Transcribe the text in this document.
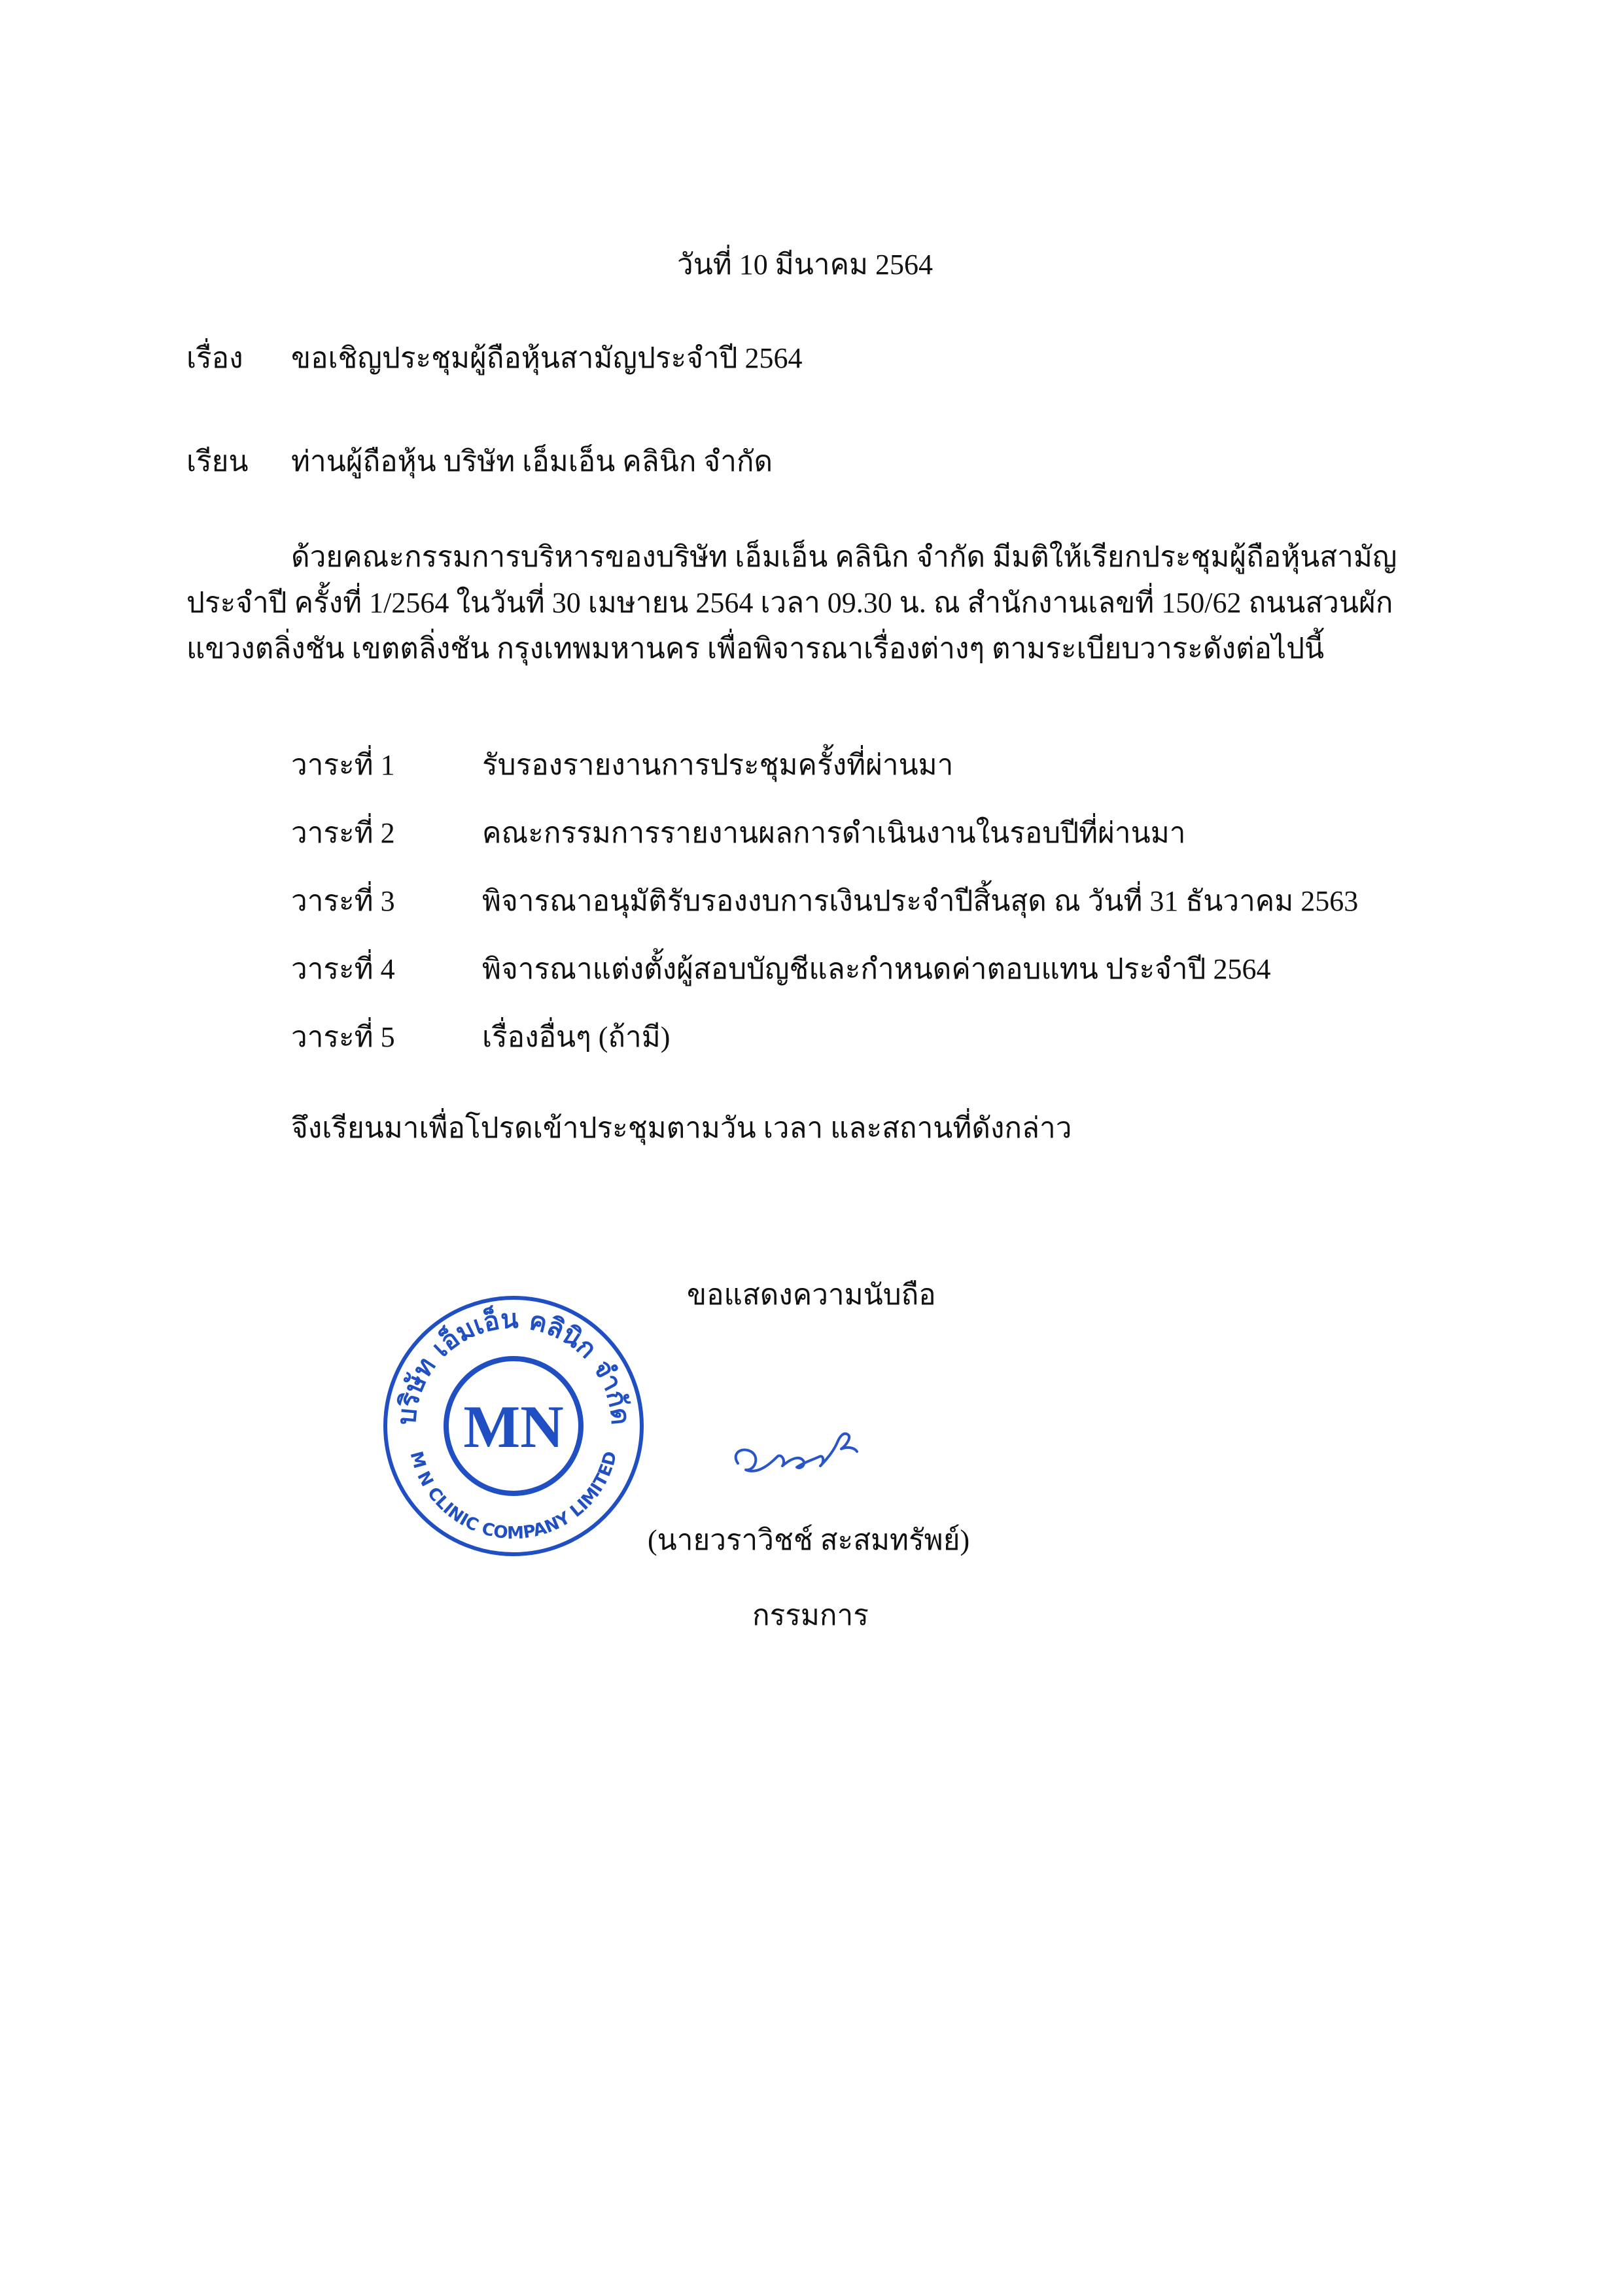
วันที่ 10 มีนาคม 2564
เรื่อง ขอเชิญประชุมผู้ถือหุ้นสามัญประจำปี 2564
เรียน ท่านผู้ถือหุ้น บริษัท เอ็มเอ็น คลินิก จำกัด
ด้วยคณะกรรมการบริหารของบริษัท เอ็มเอ็น คลินิก จำกัด มีมติให้เรียกประชุมผู้ถือหุ้นสามัญ
ประจำปี ครั้งที่ 1/2564 ในวันที่ 30 เมษายน 2564 เวลา 09.30 น. ณ สำนักงานเลขที่ 150/62 ถนนสวนผัก
แขวงตลิ่งชัน เขตตลิ่งชัน กรุงเทพมหานคร เพื่อพิจารณาเรื่องต่างๆ ตามระเบียบวาระดังต่อไปนี้
วาระที่ 1	รับรองรายงานการประชุมครั้งที่ผ่านมา
วาระที่ 2	คณะกรรมการรายงานผลการดำเนินงานในรอบปีที่ผ่านมา
วาระที่ 3	พิจารณาอนุมัติรับรองงบการเงินประจำปีสิ้นสุด ณ วันที่ 31 ธันวาคม 2563
วาระที่ 4	พิจารณาแต่งตั้งผู้สอบบัญชีและกำหนดค่าตอบแทน ประจำปี 2564
วาระที่ 5	เรื่องอื่นๆ (ถ้ามี)
จึงเรียนมาเพื่อโปรดเข้าประชุมตามวัน เวลา และสถานที่ดังกล่าว
ขอแสดงความนับถือ
บริษัท เอ็มเอ็น คลินิก จำกัด
M N CLINIC COMPANY LIMITED
MN
(นายวราวิชช์ สะสมทรัพย์)
กรรมการ
